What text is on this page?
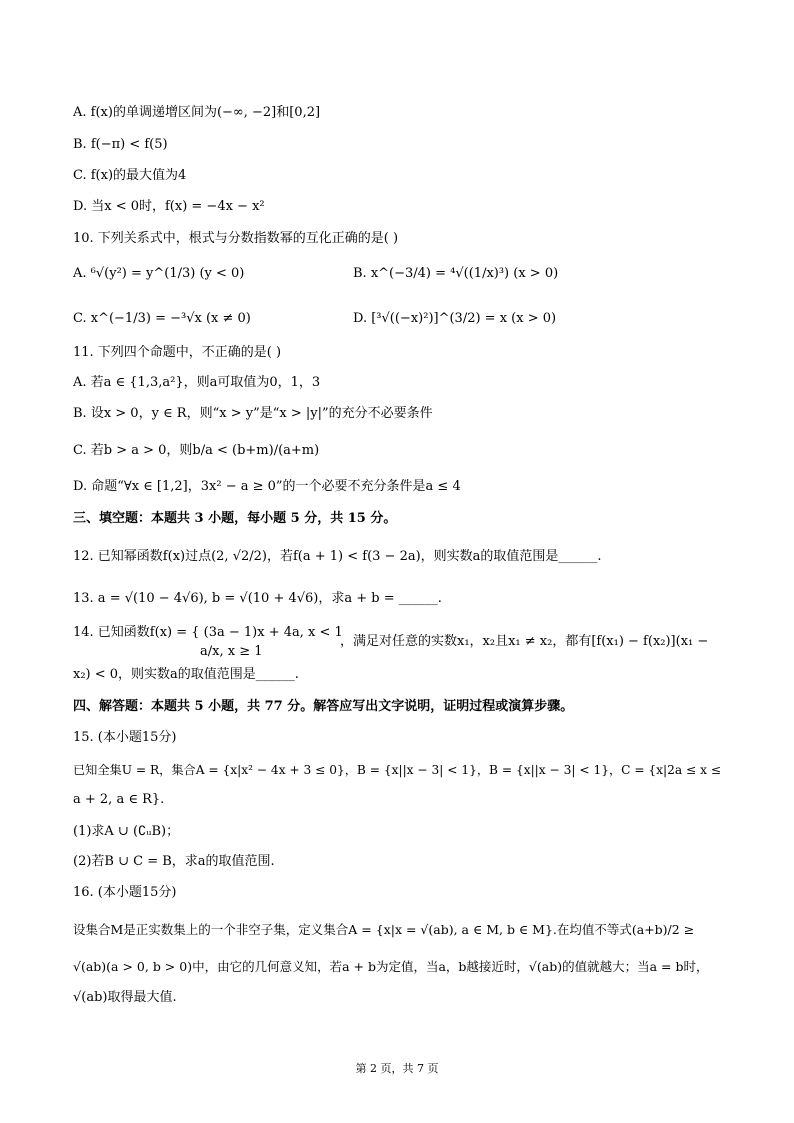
A. f(x)的单调递增区间为(−∞, −2]和[0,2]
B. f(−π) < f(5)
C. f(x)的最大值为4
D. 当x < 0时，f(x) = −4x − x²
10. 下列关系式中，根式与分数指数幂的互化正确的是( )
A. ⁶√(y²) = y^(1/3) (y < 0)	B. x^(−3/4) = ⁴√((1/x)³) (x > 0)
C. x^(−1/3) = −³√x (x ≠ 0)	D. [³√((−x)²)]^(3/2) = x (x > 0)
11. 下列四个命题中，不正确的是( )
A. 若a ∈ {1,3,a²}，则a可取值为0，1，3
B. 设x > 0，y ∈ R，则“x > y”是“x > |y|”的充分不必要条件
C. 若b > a > 0，则b/a < (b+m)/(a+m)
D. 命题“∀x ∈ [1,2]，3x² − a ≥ 0”的一个必要不充分条件是a ≤ 4
三、填空题：本题共 3 小题，每小题 5 分，共 15 分。
12. 已知幂函数f(x)过点(2, √2/2)，若f(a + 1) < f(3 − 2a)，则实数a的取值范围是______.
13. a = √(10 − 4√6), b = √(10 + 4√6)，求a + b = ______.
14. 已知函数f(x) = { (3a − 1)x + 4a, x < 1
a/x, x ≥ 1
，满足对任意的实数x₁，x₂且x₁ ≠ x₂，都有[f(x₁) − f(x₂)](x₁ −
x₂) < 0，则实数a的取值范围是______.
四、解答题：本题共 5 小题，共 77 分。解答应写出文字说明，证明过程或演算步骤。
15. (本小题15分)
已知全集U = R，集合A = {x|x² − 4x + 3 ≤ 0}，B = {x||x − 3| < 1}，B = {x||x − 3| < 1}，C = {x|2a ≤ x ≤
a + 2, a ∈ R}.
(1)求A ∪ (∁ᵤB)；
(2)若B ∪ C = B，求a的取值范围.
16. (本小题15分)
设集合M是正实数集上的一个非空子集，定义集合A = {x|x = √(ab), a ∈ M, b ∈ M}.在均值不等式(a+b)/2 ≥
√(ab)(a > 0, b > 0)中，由它的几何意义知，若a + b为定值，当a，b越接近时，√(ab)的值就越大；当a = b时，
√(ab)取得最大值.
第 2 页，共 7 页
